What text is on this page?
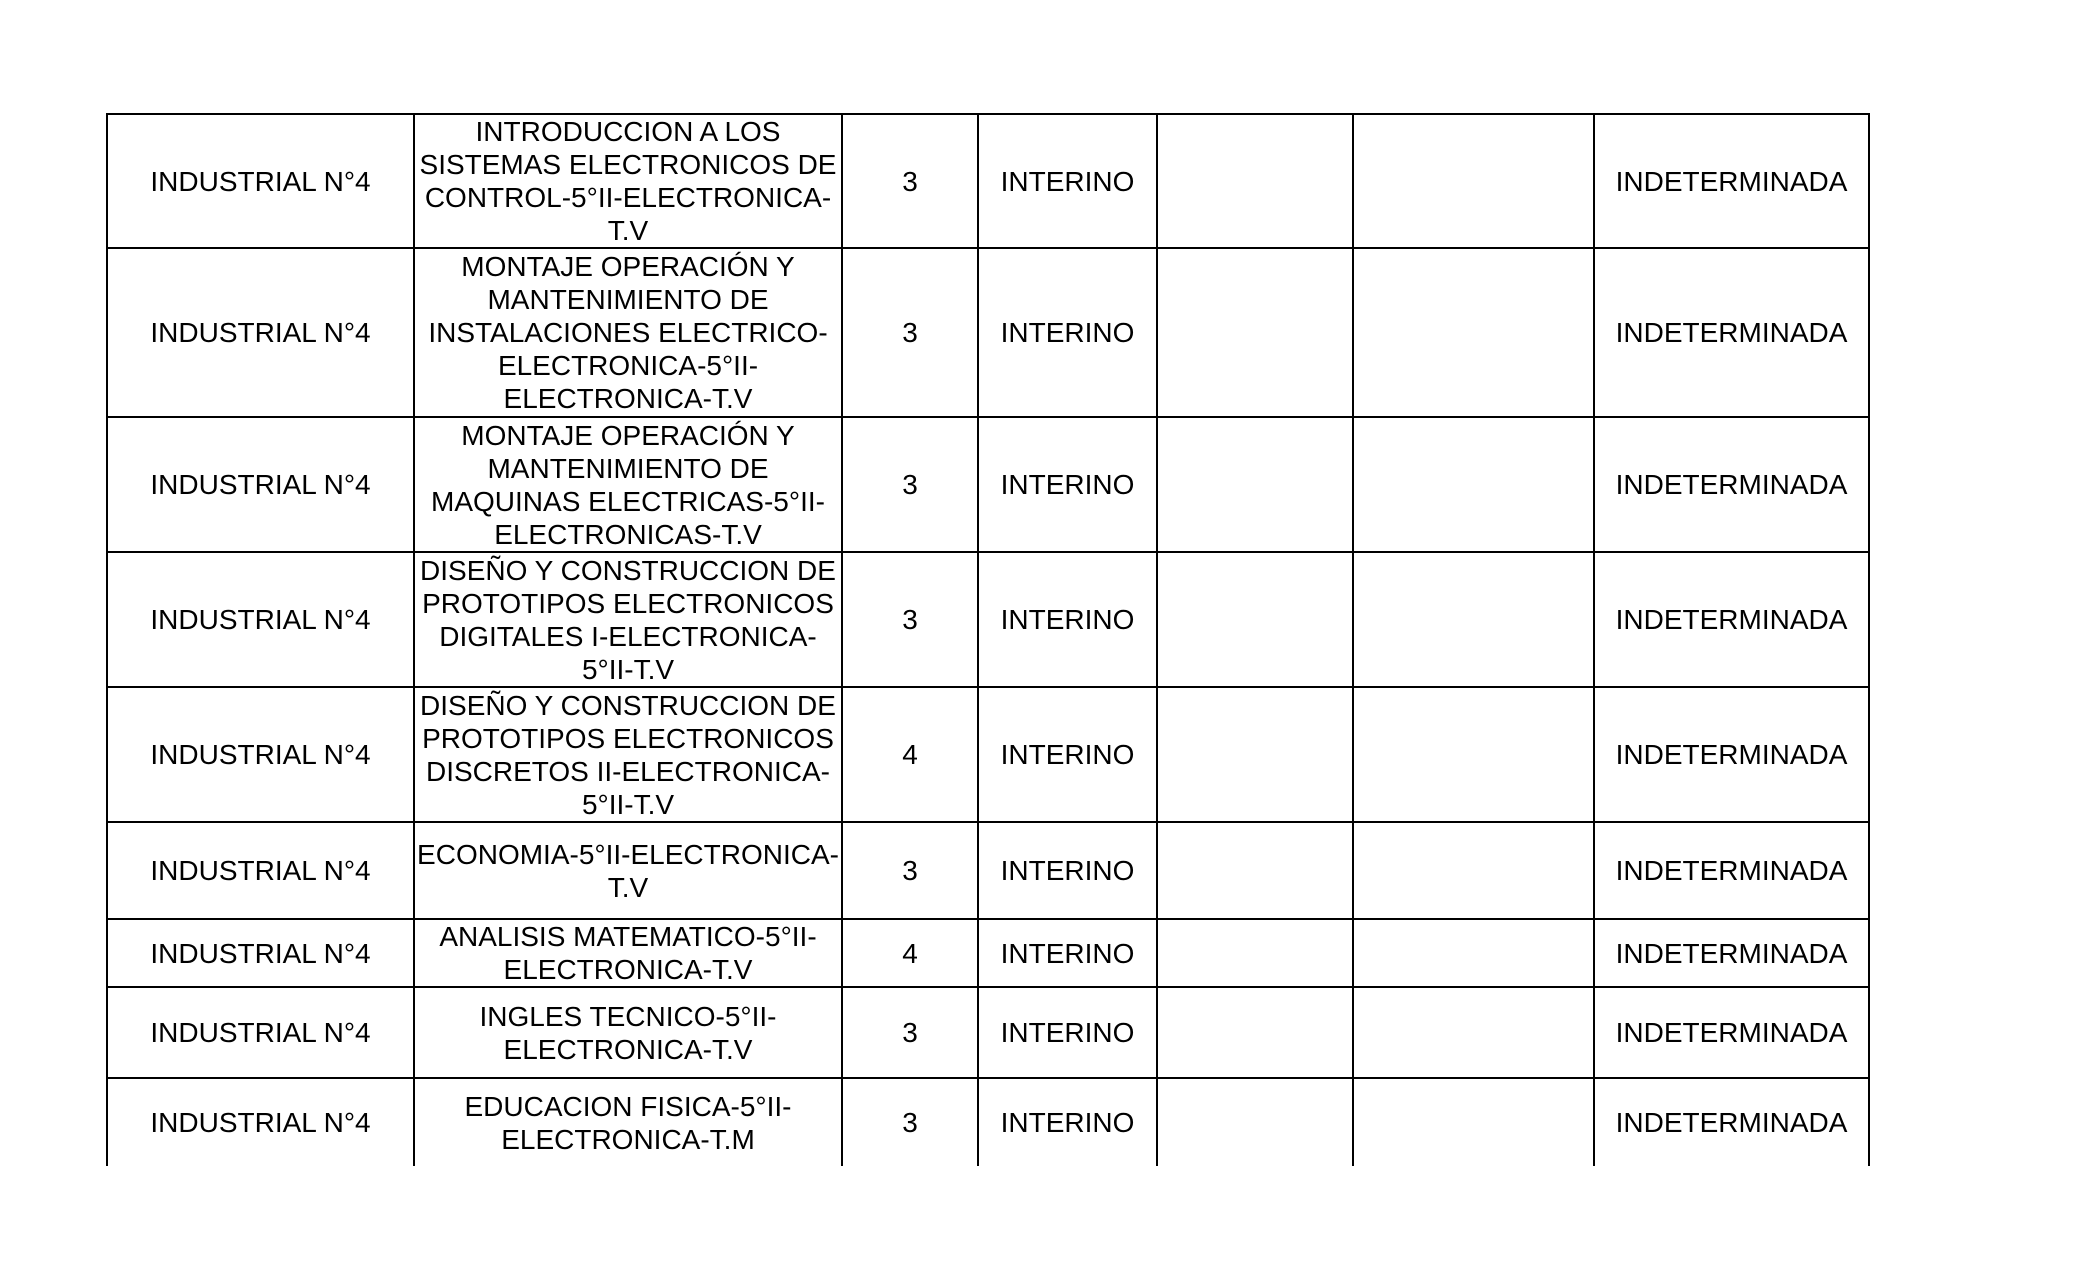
INDUSTRIAL N°4	INTRODUCCION A LOS SISTEMAS ELECTRONICOS DE CONTROL-5°II-ELECTRONICA-T.V	3	INTERINO			INDETERMINADA
INDUSTRIAL N°4	MONTAJE OPERACIÓN Y MANTENIMIENTO DE INSTALACIONES ELECTRICO-ELECTRONICA-5°II-ELECTRONICA-T.V	3	INTERINO			INDETERMINADA
INDUSTRIAL N°4	MONTAJE OPERACIÓN Y MANTENIMIENTO DE MAQUINAS ELECTRICAS-5°II-ELECTRONICAS-T.V	3	INTERINO			INDETERMINADA
INDUSTRIAL N°4	DISEÑO Y CONSTRUCCION DE PROTOTIPOS ELECTRONICOS DIGITALES I-ELECTRONICA-5°II-T.V	3	INTERINO			INDETERMINADA
INDUSTRIAL N°4	DISEÑO Y CONSTRUCCION DE PROTOTIPOS ELECTRONICOS DISCRETOS II-ELECTRONICA-5°II-T.V	4	INTERINO			INDETERMINADA
INDUSTRIAL N°4	ECONOMIA-5°II-ELECTRONICA-T.V	3	INTERINO			INDETERMINADA
INDUSTRIAL N°4	ANALISIS MATEMATICO-5°II-ELECTRONICA-T.V	4	INTERINO			INDETERMINADA
INDUSTRIAL N°4	INGLES TECNICO-5°II-ELECTRONICA-T.V	3	INTERINO			INDETERMINADA
INDUSTRIAL N°4	EDUCACION FISICA-5°II-ELECTRONICA-T.M	3	INTERINO			INDETERMINADA
